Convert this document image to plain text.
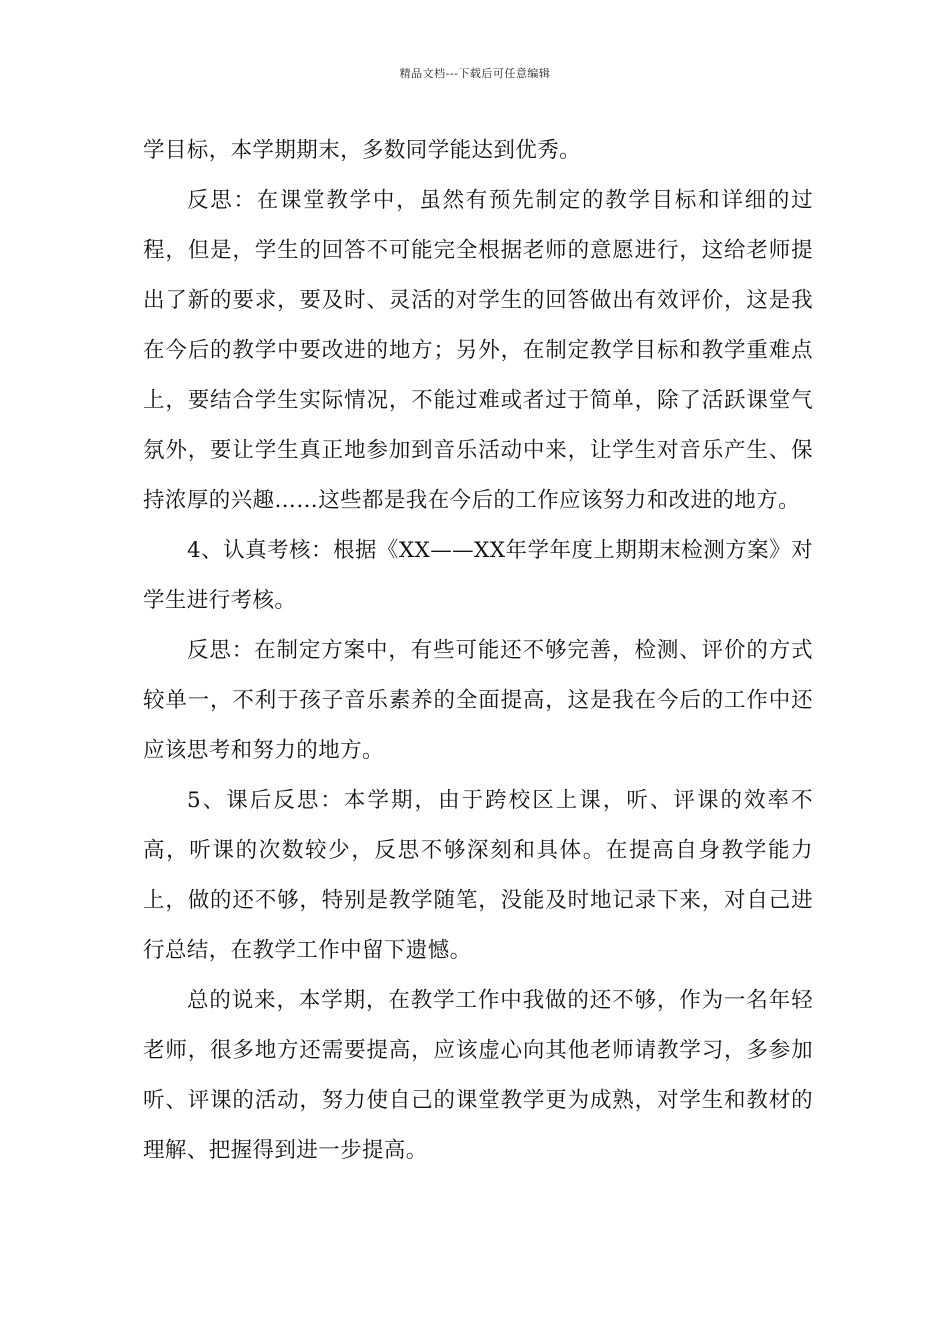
精品文档---下载后可任意编辑

学目标，本学期期末，多数同学能达到优秀。

反思：在课堂教学中，虽然有预先制定的教学目标和详细的过程，但是，学生的回答不可能完全根据老师的意愿进行，这给老师提出了新的要求，要及时、灵活的对学生的回答做出有效评价，这是我在今后的教学中要改进的地方；另外，在制定教学目标和教学重难点上，要结合学生实际情况，不能过难或者过于简单，除了活跃课堂气氛外，要让学生真正地参加到音乐活动中来，让学生对音乐产生、保持浓厚的兴趣……这些都是我在今后的工作应该努力和改进的地方。

4、认真考核：根据《XX——XX年学年度上期期末检测方案》对学生进行考核。

反思：在制定方案中，有些可能还不够完善，检测、评价的方式较单一，不利于孩子音乐素养的全面提高，这是我在今后的工作中还应该思考和努力的地方。

5、课后反思：本学期，由于跨校区上课，听、评课的效率不高，听课的次数较少，反思不够深刻和具体。在提高自身教学能力上，做的还不够，特别是教学随笔，没能及时地记录下来，对自己进行总结，在教学工作中留下遗憾。

总的说来，本学期，在教学工作中我做的还不够，作为一名年轻老师，很多地方还需要提高，应该虚心向其他老师请教学习，多参加听、评课的活动，努力使自己的课堂教学更为成熟，对学生和教材的理解、把握得到进一步提高。
